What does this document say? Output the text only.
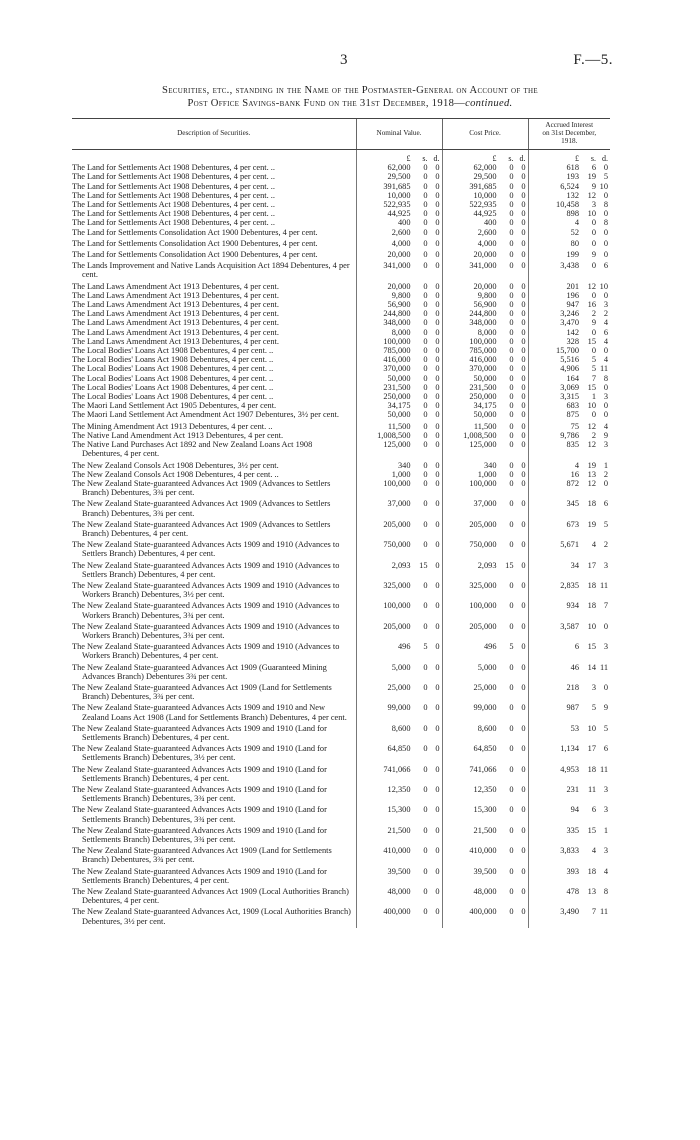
3	F.—5.
Securities, etc., standing in the Name of the Postmaster-General on Account of the
Post Office Savings-bank Fund on the 31st December, 1918—continued.
Description of Securities.	Nominal Value.	Cost Price.	Accrued Interest
on 31st December,
1918.

	£ s. d.	£ s. d.	£ s. d.

The Land for Settlements Act 1908 Debentures, 4 per cent. ..	62,000 0 0	62,000 0 0	618 6 0

The Land for Settlements Act 1908 Debentures, 4 per cent. ..	29,500 0 0	29,500 0 0	193 19 5

The Land for Settlements Act 1908 Debentures, 4 per cent. ..	391,685 0 0	391,685 0 0	6,524 9 10

The Land for Settlements Act 1908 Debentures, 4 per cent. ..	10,000 0 0	10,000 0 0	132 12 0

The Land for Settlements Act 1908 Debentures, 4 per cent. ..	522,935 0 0	522,935 0 0	10,458 3 8

The Land for Settlements Act 1908 Debentures, 4 per cent. ..	44,925 0 0	44,925 0 0	898 10 0

The Land for Settlements Act 1908 Debentures, 4 per cent. ..	400 0 0	400 0 0	4 0 8

The Land for Settlements Consolidation Act 1900 Debentures, 4 per cent.	2,600 0 0	2,600 0 0	52 0 0

The Land for Settlements Consolidation Act 1900 Debentures, 4 per cent.	4,000 0 0	4,000 0 0	80 0 0

The Land for Settlements Consolidation Act 1900 Debentures, 4 per cent.	20,000 0 0	20,000 0 0	199 9 0

The Lands Improvement and Native Lands Acquisition Act 1894 Debentures, 4 per cent.	341,000 0 0	341,000 0 0	3,438 0 6

The Land Laws Amendment Act 1913 Debentures, 4 per cent.	20,000 0 0	20,000 0 0	201 12 10

The Land Laws Amendment Act 1913 Debentures, 4 per cent.	9,800 0 0	9,800 0 0	196 0 0

The Land Laws Amendment Act 1913 Debentures, 4 per cent.	56,900 0 0	56,900 0 0	947 16 3

The Land Laws Amendment Act 1913 Debentures, 4 per cent.	244,800 0 0	244,800 0 0	3,246 2 2

The Land Laws Amendment Act 1913 Debentures, 4 per cent.	348,000 0 0	348,000 0 0	3,470 9 4

The Land Laws Amendment Act 1913 Debentures, 4 per cent.	8,000 0 0	8,000 0 0	142 0 6

The Land Laws Amendment Act 1913 Debentures, 4 per cent.	100,000 0 0	100,000 0 0	328 15 4

The Local Bodies' Loans Act 1908 Debentures, 4 per cent. ..	785,000 0 0	785,000 0 0	15,700 0 0

The Local Bodies' Loans Act 1908 Debentures, 4 per cent. ..	416,000 0 0	416,000 0 0	5,516 5 4

The Local Bodies' Loans Act 1908 Debentures, 4 per cent. ..	370,000 0 0	370,000 0 0	4,906 5 11

The Local Bodies' Loans Act 1908 Debentures, 4 per cent. ..	50,000 0 0	50,000 0 0	164 7 8

The Local Bodies' Loans Act 1908 Debentures, 4 per cent. ..	231,500 0 0	231,500 0 0	3,069 15 0

The Local Bodies' Loans Act 1908 Debentures, 4 per cent. ..	250,000 0 0	250,000 0 0	3,315 1 3

The Maori Land Settlement Act 1905 Debentures, 4 per cent.	34,175 0 0	34,175 0 0	683 10 0

The Maori Land Settlement Act Amendment Act 1907 Debentures, 3½ per cent.	50,000 0 0	50,000 0 0	875 0 0

The Mining Amendment Act 1913 Debentures, 4 per cent. ..	11,500 0 0	11,500 0 0	75 12 4

The Native Land Amendment Act 1913 Debentures, 4 per cent.	1,008,500 0 0	1,008,500 0 0	9,786 2 9

The Native Land Purchases Act 1892 and New Zealand Loans Act 1908 Debentures, 4 per cent.	125,000 0 0	125,000 0 0	835 12 3

The New Zealand Consols Act 1908 Debentures, 3½ per cent.	340 0 0	340 0 0	4 19 1

The New Zealand Consols Act 1908 Debentures, 4 per cent. ..	1,000 0 0	1,000 0 0	16 13 2

The New Zealand State-guaranteed Advances Act 1909 (Advances to Settlers Branch) Debentures, 3¾ per cent.	100,000 0 0	100,000 0 0	872 12 0

The New Zealand State-guaranteed Advances Act 1909 (Advances to Settlers Branch) Debentures, 3¾ per cent.	37,000 0 0	37,000 0 0	345 18 6

The New Zealand State-guaranteed Advances Act 1909 (Advances to Settlers Branch) Debentures, 4 per cent.	205,000 0 0	205,000 0 0	673 19 5

The New Zealand State-guaranteed Advances Acts 1909 and 1910 (Advances to Settlers Branch) Debentures, 4 per cent.	750,000 0 0	750,000 0 0	5,671 4 2

The New Zealand State-guaranteed Advances Acts 1909 and 1910 (Advances to Settlers Branch) Debentures, 4 per cent.	2,093 15 0	2,093 15 0	34 17 3

The New Zealand State-guaranteed Advances Acts 1909 and 1910 (Advances to Workers Branch) Debentures, 3½ per cent.	325,000 0 0	325,000 0 0	2,835 18 11

The New Zealand State-guaranteed Advances Acts 1909 and 1910 (Advances to Workers Branch) Debentures, 3¾ per cent.	100,000 0 0	100,000 0 0	934 18 7

The New Zealand State-guaranteed Advances Acts 1909 and 1910 (Advances to Workers Branch) Debentures, 3¾ per cent.	205,000 0 0	205,000 0 0	3,587 10 0

The New Zealand State-guaranteed Advances Acts 1909 and 1910 (Advances to Workers Branch) Debentures, 4 per cent.	496 5 0	496 5 0	6 15 3

The New Zealand State-guaranteed Advances Act 1909 (Guaranteed Mining Advances Branch) Debentures 3¾ per cent.	5,000 0 0	5,000 0 0	46 14 11

The New Zealand State-guaranteed Advances Act 1909 (Land for Settlements Branch) Debentures, 3¾ per cent.	25,000 0 0	25,000 0 0	218 3 0

The New Zealand State-guaranteed Advances Acts 1909 and 1910 and New Zealand Loans Act 1908 (Land for Settlements Branch) Debentures, 4 per cent.	99,000 0 0	99,000 0 0	987 5 9

The New Zealand State-guaranteed Advances Acts 1909 and 1910 (Land for Settlements Branch) Debentures, 4 per cent.	8,600 0 0	8,600 0 0	53 10 5

The New Zealand State-guaranteed Advances Acts 1909 and 1910 (Land for Settlements Branch) Debentures, 3½ per cent.	64,850 0 0	64,850 0 0	1,134 17 6

The New Zealand State-guaranteed Advances Acts 1909 and 1910 (Land for Settlements Branch) Debentures, 4 per cent.	741,066 0 0	741,066 0 0	4,953 18 11

The New Zealand State-guaranteed Advances Acts 1909 and 1910 (Land for Settlements Branch) Debentures, 3¾ per cent.	12,350 0 0	12,350 0 0	231 11 3

The New Zealand State-guaranteed Advances Acts 1909 and 1910 (Land for Settlements Branch) Debentures, 3¾ per cent.	15,300 0 0	15,300 0 0	94 6 3

The New Zealand State-guaranteed Advances Acts 1909 and 1910 (Land for Settlements Branch) Debentures, 3¾ per cent.	21,500 0 0	21,500 0 0	335 15 1

The New Zealand State-guaranteed Advances Act 1909 (Land for Settlements Branch) Debentures, 3¾ per cent.	410,000 0 0	410,000 0 0	3,833 4 3

The New Zealand State-guaranteed Advances Acts 1909 and 1910 (Land for Settlements Branch) Debentures, 4 per cent.	39,500 0 0	39,500 0 0	393 18 4

The New Zealand State-guaranteed Advances Act 1909 (Local Authorities Branch) Debentures, 4 per cent.	48,000 0 0	48,000 0 0	478 13 8

The New Zealand State-guaranteed Advances Act, 1909 (Local Authorities Branch) Debentures, 3½ per cent.	400,000 0 0	400,000 0 0	3,490 7 11
